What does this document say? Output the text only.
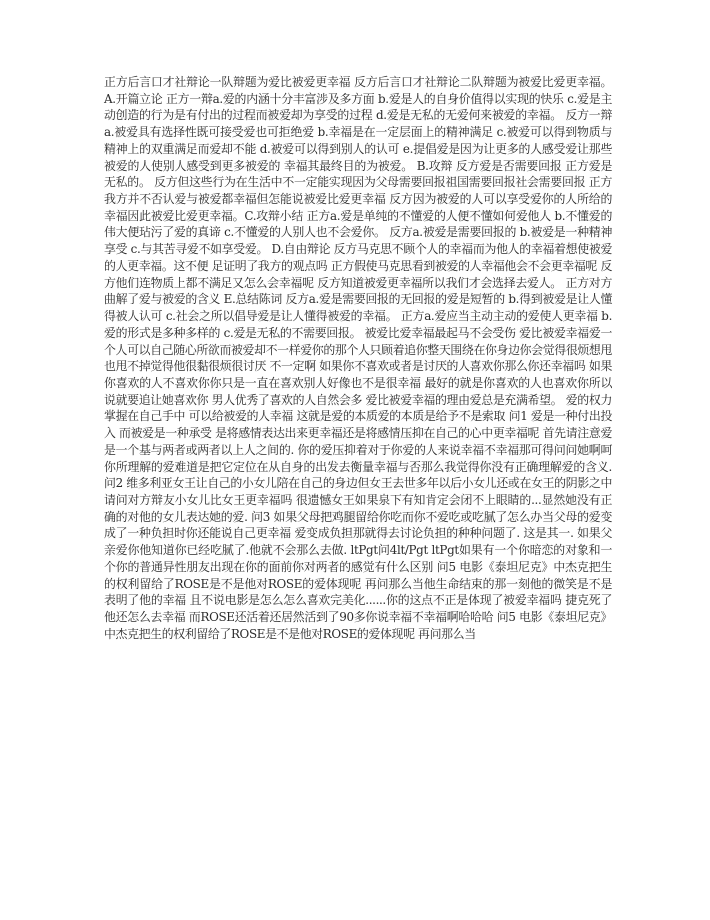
正方后言口才社辩论一队辩题为爱比被爱更幸福 反方后言口才社辩论二队辩题为被爱比爱更幸福。 A.开篇立论 正方一辩a.爱的内涵十分丰富涉及多方面 b.爱是人的自身价值得以实现的快乐 c.爱是主动创造的行为是有付出的过程而被爱却为享受的过程 d.爱是无私的无爱何来被爱的幸福。 反方一辩a.被爱具有选择性既可接受爱也可拒绝爱 b.幸福是在一定层面上的精神满足 c.被爱可以得到物质与精神上的双重满足而爱却不能 d.被爱可以得到别人的认可 e.提倡爱是因为让更多的人感受爱让那些被爱的人使别人感受到更多被爱的 幸福其最终目的为被爱。 B.攻辩 反方爱是否需要回报 正方爱是无私的。 反方但这些行为在生活中不一定能实现因为父母需要回报祖国需要回报社会需要回报 正方我方并不否认爱与被爱都幸福但怎能说被爱比爱更幸福 反方因为被爱的人可以享受爱你的人所给的幸福因此被爱比爱更幸福。C.攻辩小结 正方a.爱是单纯的不懂爱的人便不懂如何爱他人 b.不懂爱的伟大便玷污了爱的真谛 c.不懂爱的人别人也不会爱你。 反方a.被爱是需要回报的 b.被爱是一种精神享受 c.与其苦寻爱不如享受爱。 D.自由辩论 反方马克思不顾个人的幸福而为他人的幸福着想使被爱的人更幸福。这不便 足证明了我方的观点吗 正方假使马克思看到被爱的人幸福他会不会更幸福呢 反方他们连物质上都不满足又怎么会幸福呢 反方知道被爱更幸福所以我们才会选择去爱人。 正方对方曲解了爱与被爱的含义 E.总结陈词 反方a.爱是需要回报的无回报的爱是短暂的 b.得到被爱是让人懂得被人认可 c.社会之所以倡导爱是让人懂得被爱的幸福。 正方a.爱应当主动主动的爱使人更幸福 b.爱的形式是多种多样的 c.爱是无私的不需要回报。 被爱比爱幸福最起马不会受伤 爱比被爱幸福爱一个人可以自己随心所欲而被爱却不一样爱你的那个人只顾着追你整天围绕在你身边你会觉得很烦想甩也甩不掉觉得他很黏很烦很讨厌 不一定啊 如果你不喜欢或者是讨厌的人喜欢你那么你还幸福吗 如果你喜欢的人不喜欢你你只是一直在喜欢别人好像也不是很幸福 最好的就是你喜欢的人也喜欢你所以说就要追让她喜欢你 男人优秀了喜欢的人自然会多 爱比被爱幸福的理由爱总是充满希望。 爱的权力掌握在自己手中 可以给被爱的人幸福 这就是爱的本质爱的本质是给予不是索取 问1 爱是一种付出投入 而被爱是一种承受 是将感情表达出来更幸福还是将感情压抑在自己的心中更幸福呢 首先请注意爱是一个基与两者或两者以上人之间的. 你的爱压抑着对于你爱的人来说幸福不幸福那可得问问她啊呵你所理解的爱难道是把它定位在从自身的出发去衡量幸福与否那么我觉得你没有正确理解爱的含义. 问2 维多利亚女王让自己的小女儿陪在自己的身边但女王去世多年以后小女儿还或在女王的阴影之中请问对方辩友小女儿比女王更幸福吗 很遗憾女王如果泉下有知肯定会闭不上眼睛的...显然她没有正确的对他的女儿表达她的爱. 问3 如果父母把鸡腿留给你吃而你不爱吃或吃腻了怎么办当父母的爱变成了一种负担时你还能说自己更幸福 爱变成负担那就得去讨论负担的种种问题了. 这是其一. 如果父亲爱你他知道你已经吃腻了.他就不会那么去做. ltPgt问4lt/Pgt ltPgt如果有一个你暗恋的对象和一个你的普通异性朋友出现在你的面前你对两者的感觉有什么区别 问5 电影《泰坦尼克》中杰克把生的权利留给了ROSE是不是他对ROSE的爱体现呢 再问那么当他生命结束的那一刻他的微笑是不是表明了他的幸福 且不说电影是怎么怎么喜欢完美化......你的这点不正是体现了被爱幸福吗 捷克死了他还怎么去幸福 而ROSE还活着还居然活到了90多你说幸福不幸福啊哈哈哈 问5 电影《泰坦尼克》中杰克把生的权利留给了ROSE是不是他对ROSE的爱体现呢 再问那么当
